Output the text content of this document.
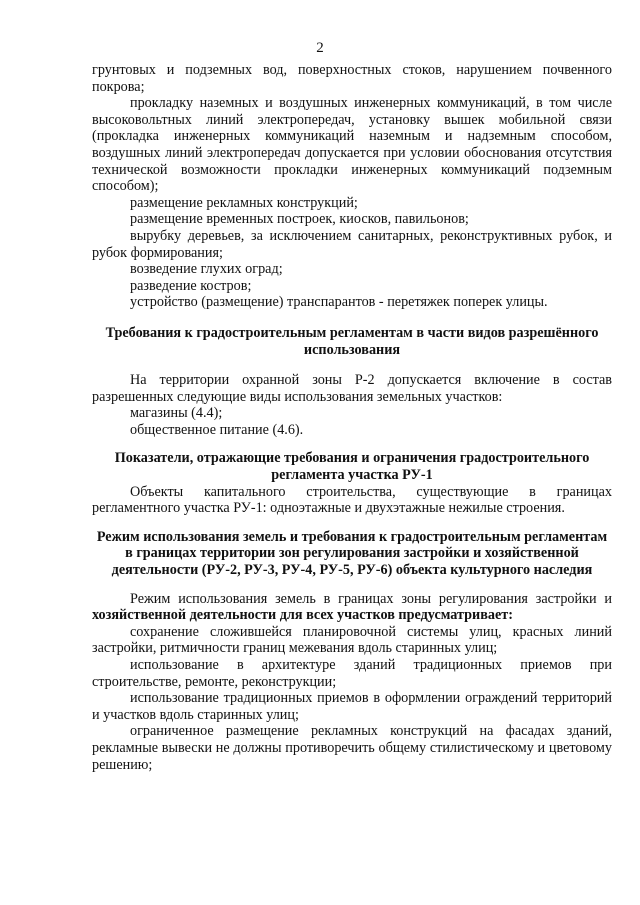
2

грунтовых и подземных вод, поверхностных стоков, нарушением почвенного покрова;

прокладку наземных и воздушных инженерных коммуникаций, в том числе высоковольтных линий электропередач, установку вышек мобильной связи (прокладка инженерных коммуникаций наземным и надземным способом, воздушных линий электропередач допускается при условии обоснования отсутствия технической возможности прокладки инженерных коммуникаций подземным способом);

размещение рекламных конструкций;

размещение временных построек, киосков, павильонов;

вырубку деревьев, за исключением санитарных, реконструктивных рубок, и рубок формирования;

возведение глухих оград;

разведение костров;

устройство (размещение) транспарантов - перетяжек поперек улицы.

Требования к градостроительным регламентам в части видов разрешённого использования

На территории охранной зоны Р-2 допускается включение в состав разрешенных следующие виды использования земельных участков:

магазины (4.4);

общественное питание (4.6).

Показатели, отражающие требования и ограничения градостроительного регламента участка РУ-1

Объекты капитального строительства, существующие в границах регламентного участка РУ-1: одноэтажные и двухэтажные нежилые строения.

Режим использования земель и требования к градостроительным регламентам в границах территории зон регулирования застройки и хозяйственной деятельности (РУ-2, РУ-3, РУ-4, РУ-5, РУ-6) объекта культурного наследия

Режим использования земель в границах зоны регулирования застройки и хозяйственной деятельности для всех участков предусматривает:

сохранение сложившейся планировочной системы улиц, красных линий застройки, ритмичности границ межевания вдоль старинных улиц;

использование в архитектуре зданий традиционных приемов при строительстве, ремонте, реконструкции;

использование традиционных приемов в оформлении ограждений территорий и участков вдоль старинных улиц;

ограниченное размещение рекламных конструкций на фасадах зданий, рекламные вывески не должны противоречить общему стилистическому и цветовому решению;
